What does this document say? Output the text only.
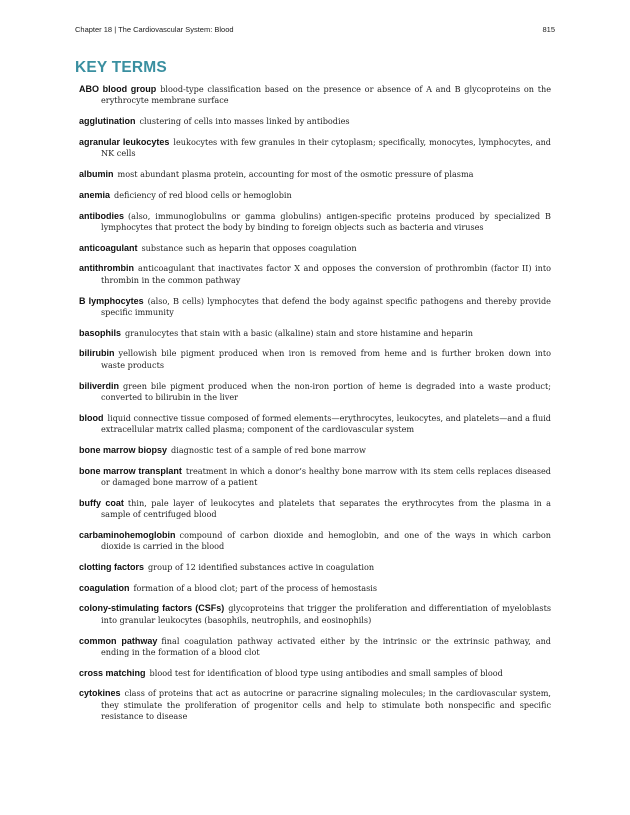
Chapter 18 | The Cardiovascular System: Blood	815
KEY TERMS

ABO blood group blood-type classification based on the presence or absence of A and B glycoproteins on the erythrocyte membrane surface

agglutination clustering of cells into masses linked by antibodies

agranular leukocytes leukocytes with few granules in their cytoplasm; specifically, monocytes, lymphocytes, and NK cells

albumin most abundant plasma protein, accounting for most of the osmotic pressure of plasma

anemia deficiency of red blood cells or hemoglobin

antibodies (also, immunoglobulins or gamma globulins) antigen-specific proteins produced by specialized B lymphocytes that protect the body by binding to foreign objects such as bacteria and viruses

anticoagulant substance such as heparin that opposes coagulation

antithrombin anticoagulant that inactivates factor X and opposes the conversion of prothrombin (factor II) into thrombin in the common pathway

B lymphocytes (also, B cells) lymphocytes that defend the body against specific pathogens and thereby provide specific immunity

basophils granulocytes that stain with a basic (alkaline) stain and store histamine and heparin

bilirubin yellowish bile pigment produced when iron is removed from heme and is further broken down into waste products

biliverdin green bile pigment produced when the non-iron portion of heme is degraded into a waste product; converted to bilirubin in the liver

blood liquid connective tissue composed of formed elements—erythrocytes, leukocytes, and platelets—and a fluid extracellular matrix called plasma; component of the cardiovascular system

bone marrow biopsy diagnostic test of a sample of red bone marrow

bone marrow transplant treatment in which a donor’s healthy bone marrow with its stem cells replaces diseased or damaged bone marrow of a patient

buffy coat thin, pale layer of leukocytes and platelets that separates the erythrocytes from the plasma in a sample of centrifuged blood

carbaminohemoglobin compound of carbon dioxide and hemoglobin, and one of the ways in which carbon dioxide is carried in the blood

clotting factors group of 12 identified substances active in coagulation

coagulation formation of a blood clot; part of the process of hemostasis

colony-stimulating factors (CSFs) glycoproteins that trigger the proliferation and differentiation of myeloblasts into granular leukocytes (basophils, neutrophils, and eosinophils)

common pathway final coagulation pathway activated either by the intrinsic or the extrinsic pathway, and ending in the formation of a blood clot

cross matching blood test for identification of blood type using antibodies and small samples of blood

cytokines class of proteins that act as autocrine or paracrine signaling molecules; in the cardiovascular system, they stimulate the proliferation of progenitor cells and help to stimulate both nonspecific and specific resistance to disease
